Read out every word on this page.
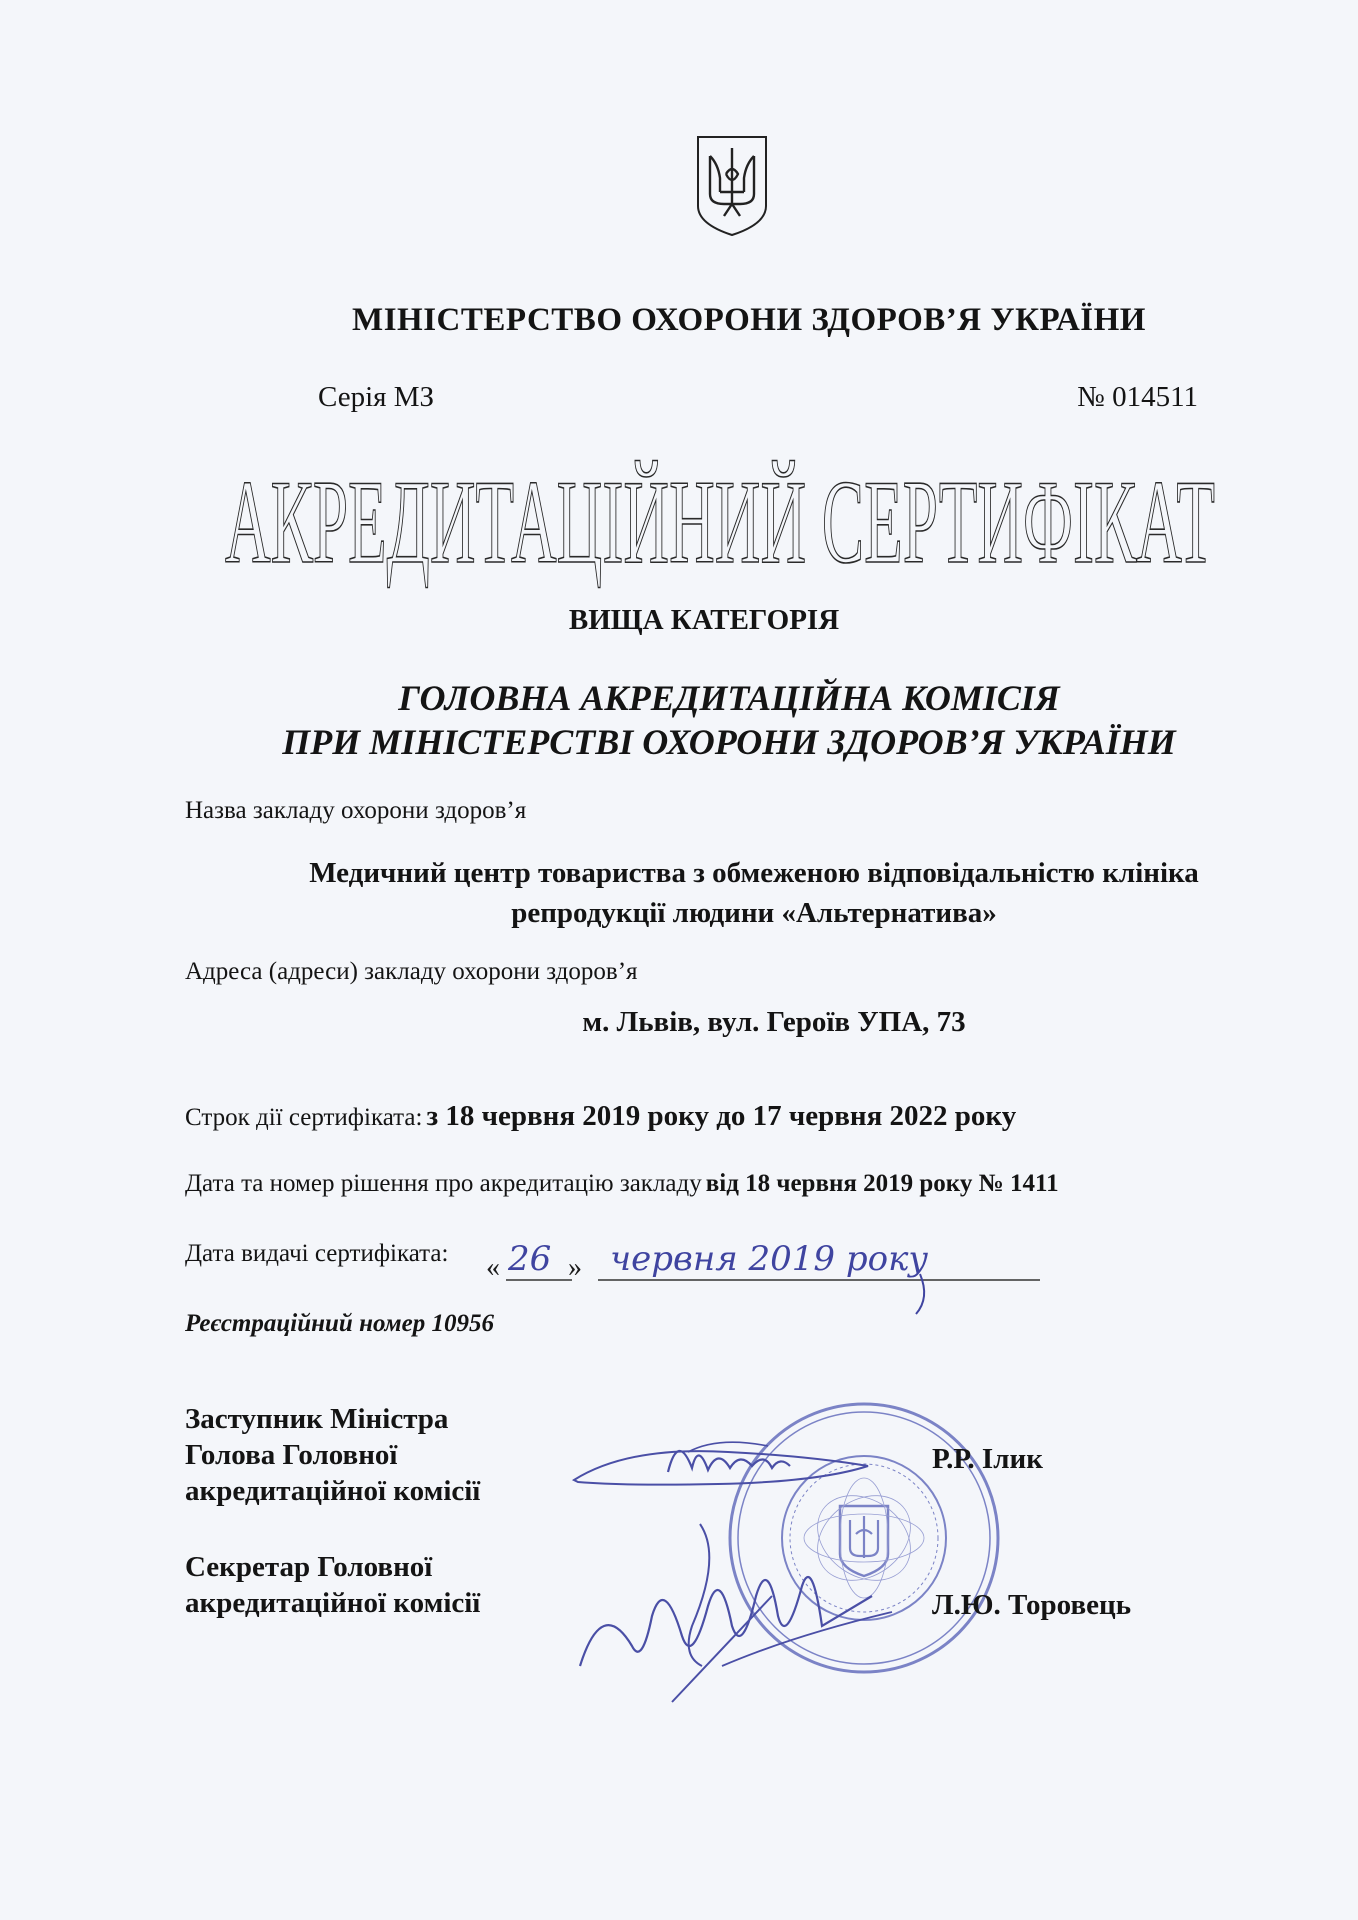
МІНІСТЕРСТВО ОХОРОНИ ЗДОРОВ’Я УКРАЇНИ
Серія МЗ	№ 014511
АКРЕДИТАЦІЙНИЙ СЕРТИФІКАТ
ВИЩА КАТЕГОРІЯ
ГОЛОВНА АКРЕДИТАЦІЙНА КОМІСІЯ
ПРИ МІНІСТЕРСТВІ ОХОРОНИ ЗДОРОВ’Я УКРАЇНИ
Назва закладу охорони здоров’я
Медичний центр товариства з обмеженою відповідальністю клініка
репродукції людини «Альтернатива»
Адреса (адреси) закладу охорони здоров’я
м. Львів, вул. Героїв УПА, 73
Строк дії сертифіката: з 18 червня 2019 року до 17 червня 2022 року
Дата та номер рішення про акредитацію закладу від 18 червня 2019 року № 1411
Дата видачі сертифіката: « 26 » червня 2019 року
Реєстраційний номер 10956
Заступник Міністра
Голова Головної
акредитаційної комісії
Секретар Головної
акредитаційної комісії
Р.Р. Ілик
Л.Ю. Торовець
